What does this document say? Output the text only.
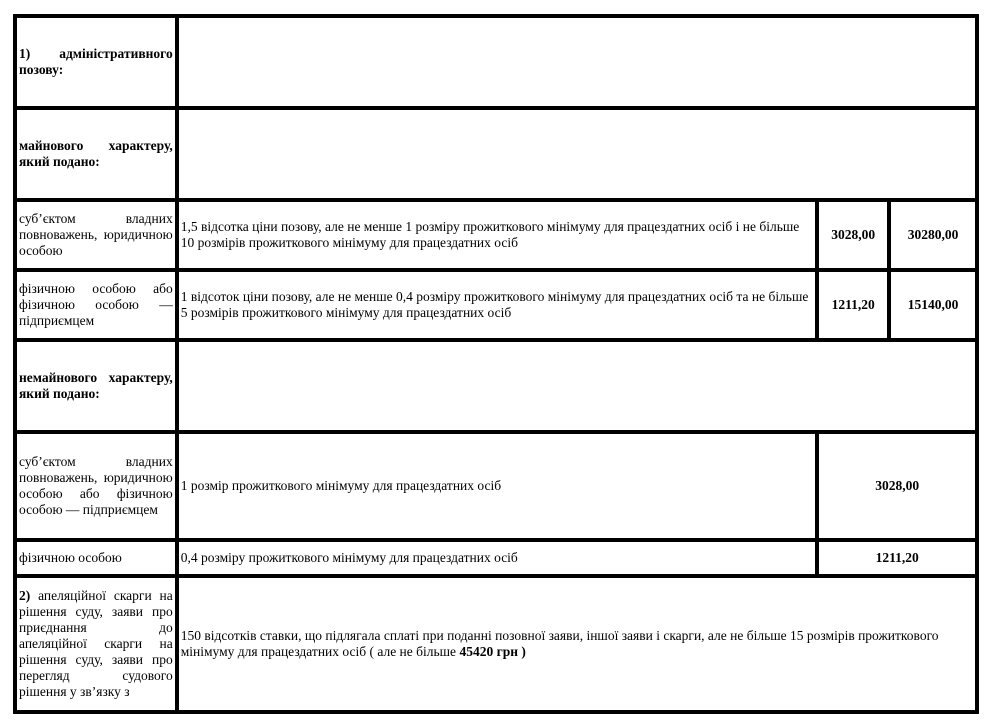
1) адміністративного позову:			
майнового характеру, який подано:			
суб’єктом владних повноважень, юридичною особою	1,5 відсотка ціни позову, але не менше 1 розміру прожиткового мінімуму для працездатних осіб і не більше 10 розмірів прожиткового мінімуму для працездатних осіб	3028,00	30280,00
фізичною особою або фізичною особою — підприємцем	1 відсоток ціни позову, але не менше 0,4 розміру прожиткового мінімуму для працездатних осіб та не більше 5 розмірів прожиткового мінімуму для працездатних осіб	1211,20	15140,00
немайнового характеру, який подано:			
суб’єктом владних повноважень, юридичною особою або фізичною особою — підприємцем	1 розмір прожиткового мінімуму для працездатних осіб	3028,00	
фізичною особою	0,4 розміру прожиткового мінімуму для працездатних осіб	1211,20	

2) апеляційної скарги на рішення суду, заяви про приєднання до апеляційної скарги на рішення суду, заяви про перегляд судового рішення у зв’язку з	150 відсотків ставки, що підлягала сплаті при поданні позовної заяви, іншої заяви і скарги, але не більше 15 розмірів прожиткового мінімуму для працездатних осіб ( але не більше 45420 грн )		
